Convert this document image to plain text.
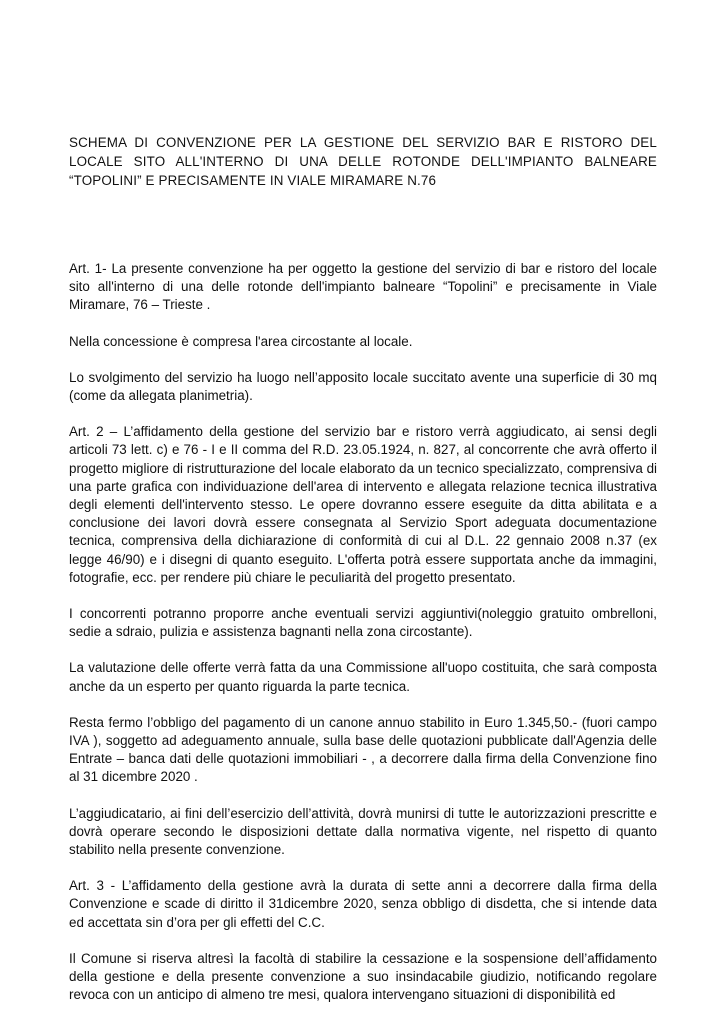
SCHEMA DI CONVENZIONE PER LA GESTIONE DEL SERVIZIO BAR E RISTORO DEL LOCALE SITO ALL'INTERNO DI UNA DELLE ROTONDE DELL'IMPIANTO BALNEARE “TOPOLINI” E PRECISAMENTE IN VIALE MIRAMARE N.76

Art. 1- La presente convenzione ha per oggetto la gestione del servizio di bar e ristoro del locale sito all'interno di una delle rotonde dell'impianto balneare “Topolini” e precisamente in Viale Miramare, 76 – Trieste .

Nella concessione è compresa l'area circostante al locale.

Lo svolgimento del servizio ha luogo nell’apposito locale succitato avente una superficie di 30 mq (come da allegata planimetria).

Art. 2 – L’affidamento della gestione del servizio bar e ristoro verrà aggiudicato, ai sensi degli articoli 73 lett. c) e 76 - I e II comma del R.D. 23.05.1924, n. 827, al concorrente che avrà offerto il progetto migliore di ristrutturazione del locale elaborato da un tecnico specializzato, comprensiva di una parte grafica con individuazione dell'area di intervento e allegata relazione tecnica illustrativa degli elementi dell'intervento stesso. Le opere dovranno essere eseguite da ditta abilitata e a conclusione dei lavori dovrà essere consegnata al Servizio Sport adeguata documentazione tecnica, comprensiva della dichiarazione di conformità di cui al D.L. 22 gennaio 2008 n.37 (ex legge 46/90) e i disegni di quanto eseguito. L'offerta potrà essere supportata anche da immagini, fotografie, ecc. per rendere più chiare le peculiarità del progetto presentato.

I concorrenti potranno proporre anche eventuali servizi aggiuntivi(noleggio gratuito ombrelloni, sedie a sdraio, pulizia e assistenza bagnanti nella zona circostante).

La valutazione delle offerte verrà fatta da una Commissione all'uopo costituita, che sarà composta anche da un esperto per quanto riguarda la parte tecnica.

Resta fermo l’obbligo del pagamento di un canone annuo stabilito in Euro 1.345,50.- (fuori campo IVA ), soggetto ad adeguamento annuale, sulla base delle quotazioni pubblicate dall'Agenzia delle Entrate – banca dati delle quotazioni immobiliari - , a decorrere dalla firma della Convenzione fino al 31 dicembre 2020 .

L’aggiudicatario, ai fini dell’esercizio dell’attività, dovrà munirsi di tutte le autorizzazioni prescritte e dovrà operare secondo le disposizioni dettate dalla normativa vigente, nel rispetto di quanto stabilito nella presente convenzione.

Art. 3 - L’affidamento della gestione avrà la durata di sette anni a decorrere dalla firma della Convenzione e scade di diritto il 31dicembre 2020, senza obbligo di disdetta, che si intende data ed accettata sin d’ora per gli effetti del C.C.

Il Comune si riserva altresì la facoltà di stabilire la cessazione e la sospensione dell’affidamento della gestione e della presente convenzione a suo insindacabile giudizio, notificando regolare revoca con un anticipo di almeno tre mesi, qualora intervengano situazioni di disponibilità ed
